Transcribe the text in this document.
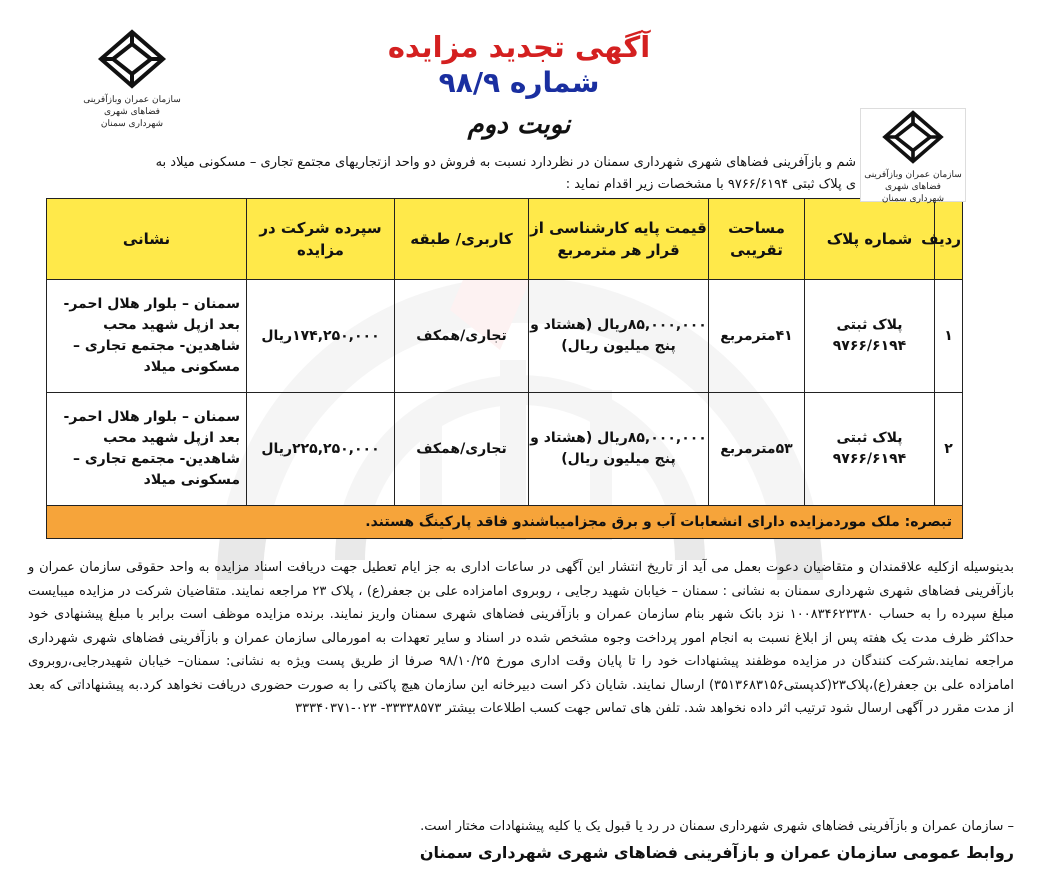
سازمان عمران وبازآفرینی فضاهای شهری
شهرداری سمنان
سازمان عمران وبازآفرینی فضاهای شهری
شهرداری سمنان
آگهی تجدید مزایده
شماره ۹۸/۹
نوبت دوم
شم و بازآفرینی فضاهای شهری شهرداری سمنان در نظردارد نسبت به فروش دو واحد ازتجاریهای مجتمع تجاری – مسکونی میلاد به
ی پلاک ثبتی ۹۷۶۶/۶۱۹۴ با مشخصات زیر اقدام نماید :
ردیف	شماره پلاک	مساحت تقریبی	قیمت پایه کارشناسی از قرار هر مترمربع	کاربری/ طبقه	سپرده شرکت در مزایده	نشانی
۱	پلاک ثبتی ۹۷۶۶/۶۱۹۴	۴۱مترمربع	۸۵,۰۰۰,۰۰۰ریال (هشتاد و پنج میلیون ریال)	تجاری/همکف	۱۷۴,۲۵۰,۰۰۰ریال	سمنان – بلوار هلال احمر- بعد ازپل شهید محب شاهدین- مجتمع تجاری –مسکونی میلاد
۲	پلاک ثبتی ۹۷۶۶/۶۱۹۴	۵۳مترمربع	۸۵,۰۰۰,۰۰۰ریال (هشتاد و پنج میلیون ریال)	تجاری/همکف	۲۲۵,۲۵۰,۰۰۰ریال	سمنان – بلوار هلال احمر- بعد ازپل شهید محب شاهدین- مجتمع تجاری –مسکونی میلاد
تبصره: ملک موردمزایده دارای انشعابات آب و برق مجزامیباشندو فاقد پارکینگ هستند.						

بدینوسیله ازکلیه علاقمندان و متقاضیان دعوت بعمل می آید از تاریخ انتشار این آگهی در ساعات اداری به جز ایام تعطیل جهت دریافت اسناد مزایده به واحد حقوقی سازمان عمران و بازآفرینی فضاهای شهری شهرداری سمنان به نشانی : سمنان – خیابان شهید رجایی ، روبروی امامزاده علی بن جعفر(ع) ، پلاک ۲۳ مراجعه نمایند. متقاضیان شرکت در مزایده میبایست مبلغ سپرده را به حساب ۱۰۰۸۳۴۶۲۳۳۸۰ نزد بانک شهر بنام سازمان عمران و بازآفرینی فضاهای شهری سمنان واریز نمایند. برنده مزایده موظف است برابر با مبلغ پیشنهادی خود حداکثر ظرف مدت یک هفته پس از ابلاغ نسبت به انجام امور پرداخت وجوه مشخص شده در اسناد و سایر تعهدات به امورمالی سازمان عمران و بازآفرینی فضاهای شهری شهرداری مراجعه نمایند.شرکت کنندگان در مزایده موظفند پیشنهادات خود را تا پایان وقت اداری مورخ ۹۸/۱۰/۲۵ صرفا از طریق پست ویژه به نشانی: سمنان– خیابان شهیدرجایی،روبروی امامزاده علی بن جعفر(ع)،پلاک۲۳(کدپستی۳۵۱۳۶۸۳۱۵۶) ارسال نمایند. شایان ذکر است دبیرخانه این سازمان هیچ پاکتی را به صورت حضوری دریافت نخواهد کرد.به پیشنهاداتی که بعد از مدت مقرر در آگهی ارسال شود ترتیب اثر داده نخواهد شد. تلفن های تماس جهت کسب اطلاعات بیشتر ۳۳۳۳۸۵۷۳- ۰۲۳-۳۳۳۴۰۳۷۱

– سازمان عمران و بازآفرینی فضاهای شهری شهرداری سمنان در رد یا قبول یک یا کلیه پیشنهادات مختار است.
روابط عمومی سازمان عمران و بازآفرینی فضاهای شهری شهرداری سمنان
